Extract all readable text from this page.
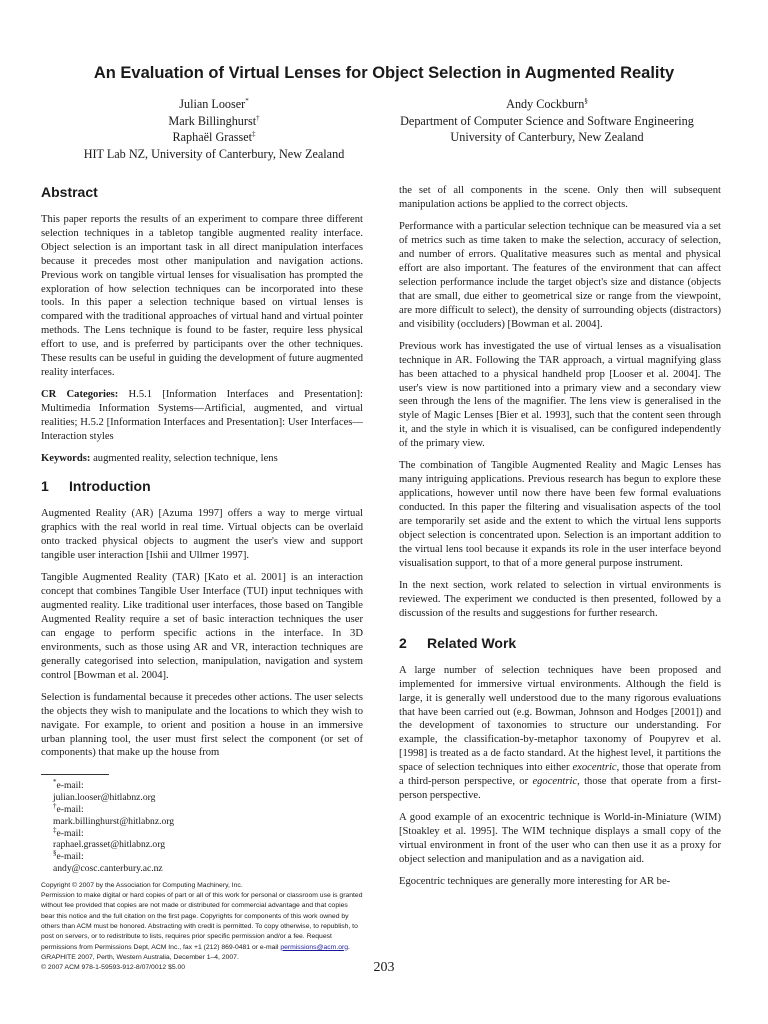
An Evaluation of Virtual Lenses for Object Selection in Augmented Reality
Julian Looser*
Mark Billinghurst†
Raphaël Grasset‡
HIT Lab NZ, University of Canterbury, New Zealand
Andy Cockburn§
Department of Computer Science and Software Engineering
University of Canterbury, New Zealand
Abstract

This paper reports the results of an experiment to compare three different selection techniques in a tabletop tangible augmented reality interface. Object selection is an important task in all direct manipulation interfaces because it precedes most other manipulation and navigation actions. Previous work on tangible virtual lenses for visualisation has prompted the exploration of how selection techniques can be incorporated into these tools. In this paper a selection technique based on virtual lenses is compared with the traditional approaches of virtual hand and virtual pointer methods. The Lens technique is found to be faster, require less physical effort to use, and is preferred by participants over the other techniques. These results can be useful in guiding the development of future augmented reality interfaces.

CR Categories: H.5.1 [Information Interfaces and Presentation]: Multimedia Information Systems—Artificial, augmented, and virtual realities; H.5.2 [Information Interfaces and Presentation]: User Interfaces—Interaction styles

Keywords: augmented reality, selection technique, lens

1 Introduction

Augmented Reality (AR) [Azuma 1997] offers a way to merge virtual graphics with the real world in real time. Virtual objects can be overlaid onto tracked physical objects to augment the user's view and support tangible user interaction [Ishii and Ullmer 1997].

Tangible Augmented Reality (TAR) [Kato et al. 2001] is an interaction concept that combines Tangible User Interface (TUI) input techniques with augmented reality. Like traditional user interfaces, those based on Tangible Augmented Reality require a set of basic interaction techniques the user can engage to perform specific actions in the interface. In 3D environments, such as those using AR and VR, interaction techniques are generally categorised into selection, manipulation, navigation and system control [Bowman et al. 2004].

Selection is fundamental because it precedes other actions. The user selects the objects they wish to manipulate and the locations to which they wish to navigate. For example, to orient and position a house in an immersive urban planning tool, the user must first select the component (or set of components) that make up the house from

*e-mail: julian.looser@hitlabnz.org
†e-mail: mark.billinghurst@hitlabnz.org
‡e-mail: raphael.grasset@hitlabnz.org
§e-mail: andy@cosc.canterbury.ac.nz
Copyright © 2007 by the Association for Computing Machinery, Inc.
Permission to make digital or hard copies of part or all of this work for personal or classroom use is granted without fee provided that copies are not made or distributed for commercial advantage and that copies bear this notice and the full citation on the first page. Copyrights for components of this work owned by others than ACM must be honored. Abstracting with credit is permitted. To copy otherwise, to republish, to post on servers, or to redistribute to lists, requires prior specific permission and/or a fee. Request permissions from Permissions Dept, ACM Inc., fax +1 (212) 869-0481 or e-mail permissions@acm.org.
GRAPHITE 2007, Perth, Western Australia, December 1–4, 2007.
© 2007 ACM 978-1-59593-912-8/07/0012 $5.00

the set of all components in the scene. Only then will subsequent manipulation actions be applied to the correct objects.

Performance with a particular selection technique can be measured via a set of metrics such as time taken to make the selection, accuracy of selection, and number of errors. Qualitative measures such as mental and physical effort are also important. The features of the environment that can affect selection performance include the target object's size and distance (objects that are small, due either to geometrical size or range from the viewpoint, are more difficult to select), the density of surrounding objects (distractors) and visibility (occluders) [Bowman et al. 2004].

Previous work has investigated the use of virtual lenses as a visualisation technique in AR. Following the TAR approach, a virtual magnifying glass has been attached to a physical handheld prop [Looser et al. 2004]. The user's view is now partitioned into a primary view and a secondary view seen through the lens of the magnifier. The lens view is generalised in the style of Magic Lenses [Bier et al. 1993], such that the content seen through it, and the style in which it is visualised, can be configured independently of the primary view.

The combination of Tangible Augmented Reality and Magic Lenses has many intriguing applications. Previous research has begun to explore these applications, however until now there have been few formal evaluations conducted. In this paper the filtering and visualisation aspects of the tool are temporarily set aside and the extent to which the virtual lens supports object selection is concentrated upon. Selection is an important addition to the virtual lens tool because it expands its role in the user interface beyond visualisation support, to that of a more general purpose instrument.

In the next section, work related to selection in virtual environments is reviewed. The experiment we conducted is then presented, followed by a discussion of the results and suggestions for further research.

2 Related Work

A large number of selection techniques have been proposed and implemented for immersive virtual environments. Although the field is large, it is generally well understood due to the many rigorous evaluations that have been carried out (e.g. Bowman, Johnson and Hodges [2001]) and the development of taxonomies to structure our understanding. For example, the classification-by-metaphor taxonomy of Poupyrev et al. [1998] is treated as a de facto standard. At the highest level, it partitions the space of selection techniques into either exocentric, those that operate from a third-person perspective, or egocentric, those that operate from a first-person perspective.

A good example of an exocentric technique is World-in-Miniature (WIM) [Stoakley et al. 1995]. The WIM technique displays a small copy of the virtual environment in front of the user who can then use it as a proxy for object selection and manipulation and as a navigation aid.

Egocentric techniques are generally more interesting for AR be-

203
